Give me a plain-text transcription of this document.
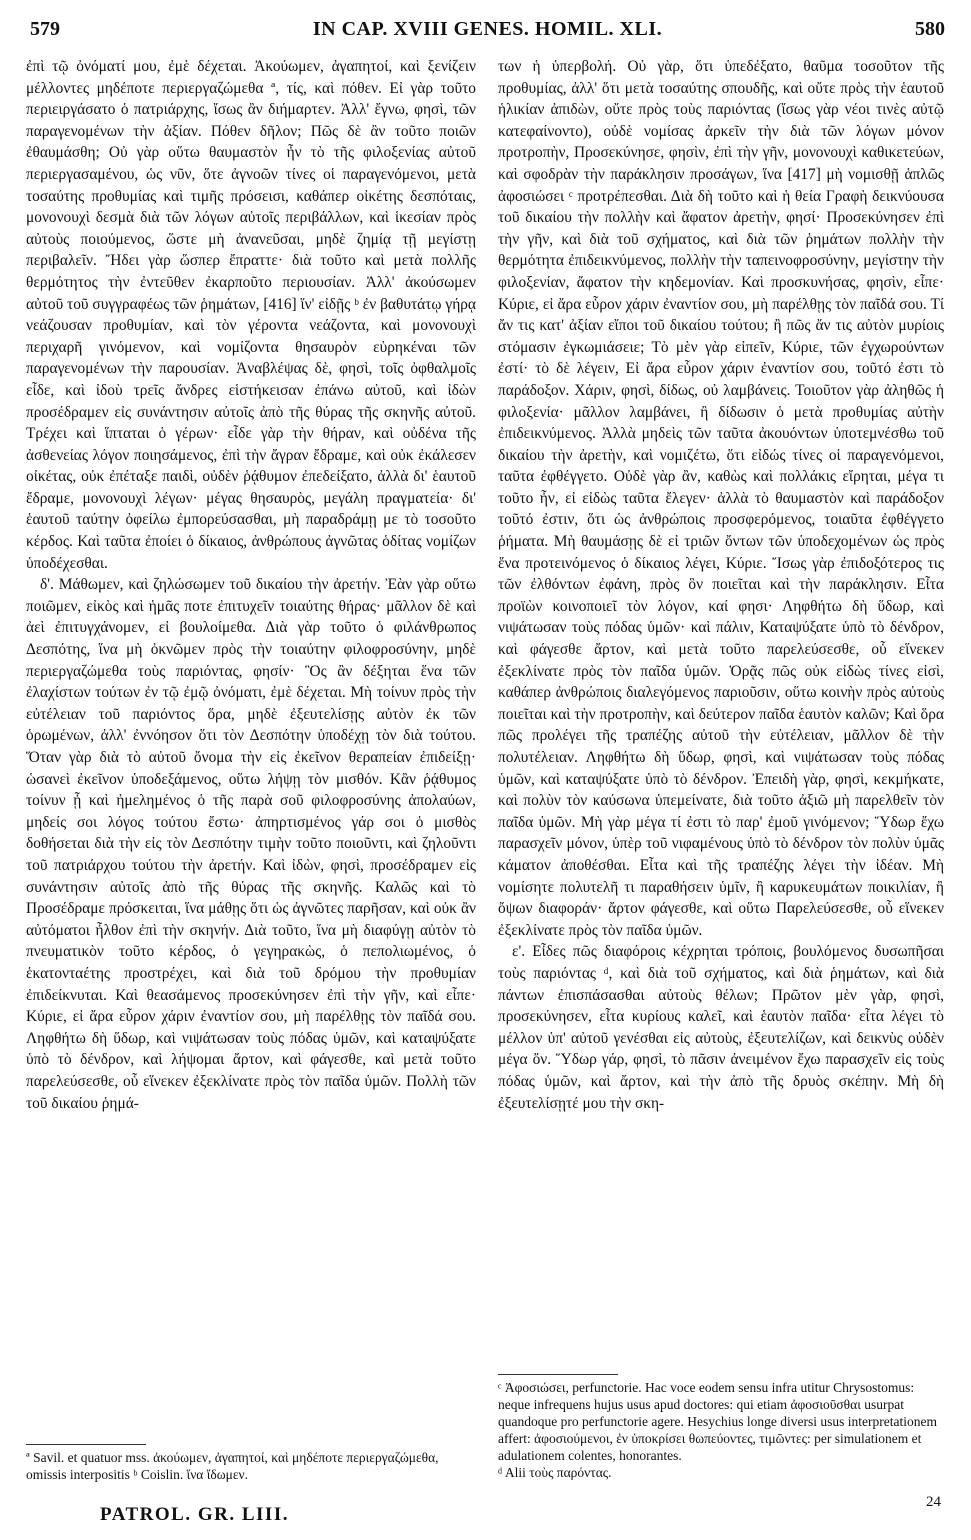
579	IN CAP. XVIII GENES. HOMIL. XLI.	580

ἐπὶ τῷ ὀνόματί μου, ἐμὲ δέχεται. Ἀκούωμεν, ἀγαπητοί, καὶ ξενίζειν μέλλοντες μηδέποτε περιεργαζώμεθα ª, τίς, καὶ πόθεν. Εἰ γὰρ τοῦτο περιειργάσατο ὁ πατριάρχης, ἴσως ἂν διήμαρτεν. Ἀλλ' ἔγνω, φησὶ, τῶν παραγενομένων τὴν ἀξίαν. Πόθεν δῆλον; Πῶς δὲ ἂν τοῦτο ποιῶν ἐθαυμάσθη; Οὐ γὰρ οὕτω θαυμαστὸν ἦν τὸ τῆς φιλοξενίας αὐτοῦ περιεργασαμένου, ὡς νῦν, ὅτε ἀγνοῶν τίνες οἱ παραγενόμενοι, μετὰ τοσαύτης προθυμίας καὶ τιμῆς πρόσεισι, καθάπερ οἰκέτης δεσπόταις, μονονουχὶ δεσμὰ διὰ τῶν λόγων αὐτοῖς περιβάλλων, καὶ ἱκεσίαν πρὸς αὐτοὺς ποιούμενος, ὥστε μὴ ἀνανεῦσαι, μηδὲ ζημίᾳ τῇ μεγίστῃ περιβαλεῖν. Ἤδει γὰρ ὥσπερ ἔπραττε· διὰ τοῦτο καὶ μετὰ πολλῆς θερμότητος τὴν ἐντεῦθεν ἐκαρποῦτο περιουσίαν. Ἀλλ' ἀκούσωμεν αὐτοῦ τοῦ συγγραφέως τῶν ῥημάτων, [416] ἵν' εἰδῇς ᵇ ἐν βαθυτάτῳ γήρᾳ νεάζουσαν προθυμίαν, καὶ τὸν γέροντα νεάζοντα, καὶ μονονουχὶ περιχαρῆ γινόμενον, καὶ νομίζοντα θησαυρὸν εὑρηκέναι τῶν παραγενομένων τὴν παρουσίαν. Ἀναβλέψας δὲ, φησὶ, τοῖς ὀφθαλμοῖς εἶδε, καὶ ἰδοὺ τρεῖς ἄνδρες εἱστήκεισαν ἐπάνω αὐτοῦ, καὶ ἰδὼν προσέδραμεν εἰς συνάντησιν αὐτοῖς ἀπὸ τῆς θύρας τῆς σκηνῆς αὐτοῦ. Τρέχει καὶ ἵπταται ὁ γέρων· εἶδε γὰρ τὴν θήραν, καὶ οὐδένα τῆς ἀσθενείας λόγον ποιησάμενος, ἐπὶ τὴν ἄγραν ἔδραμε, καὶ οὐκ ἐκάλεσεν οἰκέτας, οὐκ ἐπέταξε παιδὶ, οὐδὲν ῥᾴθυμον ἐπεδείξατο, ἀλλὰ δι' ἑαυτοῦ ἔδραμε, μονονουχὶ λέγων· μέγας θησαυρὸς, μεγάλη πραγματεία· δι' ἑαυτοῦ ταύτην ὀφείλω ἐμπορεύσασθαι, μὴ παραδράμῃ με τὸ τοσοῦτο κέρδος. Καὶ ταῦτα ἐποίει ὁ δίκαιος, ἀνθρώπους ἀγνῶτας ὁδίτας νομίζων ὑποδέχεσθαι.

δ'. Μάθωμεν, καὶ ζηλώσωμεν τοῦ δικαίου τὴν ἀρετήν. Ἐὰν γὰρ οὕτω ποιῶμεν, εἰκὸς καὶ ἡμᾶς ποτε ἐπιτυχεῖν τοιαύτης θήρας· μᾶλλον δὲ καὶ ἀεὶ ἐπιτυγχάνομεν, εἰ βουλοίμεθα. Διὰ γὰρ τοῦτο ὁ φιλάνθρωπος Δεσπότης, ἵνα μὴ ὀκνῶμεν πρὸς τὴν τοιαύτην φιλοφροσύνην, μηδὲ περιεργαζώμεθα τοὺς παριόντας, φησίν· Ὃς ἂν δέξηται ἕνα τῶν ἐλαχίστων τούτων ἐν τῷ ἐμῷ ὀνόματι, ἐμὲ δέχεται. Μὴ τοίνυν πρὸς τὴν εὐτέλειαν τοῦ παριόντος ὅρα, μηδὲ ἐξευτελίσῃς αὐτὸν ἐκ τῶν ὁρωμένων, ἀλλ' ἐννόησον ὅτι τὸν Δεσπότην ὑποδέχῃ τὸν διὰ τούτου. Ὅταν γὰρ διὰ τὸ αὐτοῦ ὄνομα τὴν εἰς ἐκεῖνον θεραπείαν ἐπιδείξῃ· ὡσανεὶ ἐκεῖνον ὑποδεξάμενος, οὕτω λήψῃ τὸν μισθόν. Κἂν ῥᾴθυμος τοίνυν ᾖ καὶ ἠμελημένος ὁ τῆς παρὰ σοῦ φιλοφροσύνης ἀπολαύων, μηδείς σοι λόγος τούτου ἔστω· ἀπηρτισμένος γάρ σοι ὁ μισθὸς δοθήσεται διὰ τὴν εἰς τὸν Δεσπότην τιμὴν τοῦτο ποιοῦντι, καὶ ζηλοῦντι τοῦ πατριάρχου τούτου τὴν ἀρετήν. Καὶ ἰδὼν, φησὶ, προσέδραμεν εἰς συνάντησιν αὐτοῖς ἀπὸ τῆς θύρας τῆς σκηνῆς. Καλῶς καὶ τὸ Προσέδραμε πρόσκειται, ἵνα μάθῃς ὅτι ὡς ἀγνῶτες παρῆσαν, καὶ οὐκ ἂν αὐτόματοι ἦλθον ἐπὶ τὴν σκηνήν. Διὰ τοῦτο, ἵνα μὴ διαφύγῃ αὐτὸν τὸ πνευματικὸν τοῦτο κέρδος, ὁ γεγηρακὼς, ὁ πεπολιωμένος, ὁ ἑκατονταέτης προστρέχει, καὶ διὰ τοῦ δρόμου τὴν προθυμίαν ἐπιδείκνυται. Καὶ θεασάμενος προσεκύνησεν ἐπὶ τὴν γῆν, καὶ εἶπε· Κύριε, εἰ ἄρα εὗρον χάριν ἐναντίον σου, μὴ παρέλθῃς τὸν παῖδά σου. Ληφθήτω δὴ ὕδωρ, καὶ νιψάτωσαν τοὺς πόδας ὑμῶν, καὶ καταψύξατε ὑπὸ τὸ δένδρον, καὶ λήψομαι ἄρτον, καὶ φάγεσθε, καὶ μετὰ τοῦτο παρελεύσεσθε, οὗ εἵνεκεν ἐξεκλίνατε πρὸς τὸν παῖδα ὑμῶν. Πολλὴ τῶν τοῦ δικαίου ῥημά-

των ἡ ὑπερβολή. Οὐ γὰρ, ὅτι ὑπεδέξατο, θαῦμα τοσοῦτον τῆς προθυμίας, ἀλλ' ὅτι μετὰ τοσαύτης σπουδῆς, καὶ οὔτε πρὸς τὴν ἑαυτοῦ ἡλικίαν ἀπιδὼν, οὔτε πρὸς τοὺς παριόντας (ἴσως γὰρ νέοι τινὲς αὐτῷ κατεφαίνοντο), οὐδὲ νομίσας ἀρκεῖν τὴν διὰ τῶν λόγων μόνον προτροπὴν, Προσεκύνησε, φησὶν, ἐπὶ τὴν γῆν, μονονουχὶ καθικετεύων, καὶ σφοδρὰν τὴν παράκλησιν προσάγων, ἵνα [417] μὴ νομισθῇ ἁπλῶς ἀφοσιώσει ᶜ προτρέπεσθαι. Διὰ δὴ τοῦτο καὶ ἡ θεία Γραφὴ δεικνύουσα τοῦ δικαίου τὴν πολλὴν καὶ ἄφατον ἀρετὴν, φησί· Προσεκύνησεν ἐπὶ τὴν γῆν, καὶ διὰ τοῦ σχήματος, καὶ διὰ τῶν ῥημάτων πολλὴν τὴν θερμότητα ἐπιδεικνύμενος, πολλὴν τὴν ταπεινοφροσύνην, μεγίστην τὴν φιλοξενίαν, ἄφατον τὴν κηδεμονίαν. Καὶ προσκυνήσας, φησὶν, εἶπε· Κύριε, εἰ ἄρα εὗρον χάριν ἐναντίον σου, μὴ παρέλθῃς τὸν παῖδά σου. Τί ἄν τις κατ' ἀξίαν εἴποι τοῦ δικαίου τούτου; ἢ πῶς ἄν τις αὐτὸν μυρίοις στόμασιν ἐγκωμιάσειε; Τὸ μὲν γὰρ εἰπεῖν, Κύριε, τῶν ἐγχωρούντων ἐστί· τὸ δὲ λέγειν, Εἰ ἄρα εὗρον χάριν ἐναντίον σου, τοῦτό ἐστι τὸ παράδοξον. Χάριν, φησὶ, δίδως, οὐ λαμβάνεις. Τοιοῦτον γὰρ ἀληθῶς ἡ φιλοξενία· μᾶλλον λαμβάνει, ἢ δίδωσιν ὁ μετὰ προθυμίας αὐτὴν ἐπιδεικνύμενος. Ἀλλὰ μηδεὶς τῶν ταῦτα ἀκουόντων ὑποτεμνέσθω τοῦ δικαίου τὴν ἀρετὴν, καὶ νομιζέτω, ὅτι εἰδώς τίνες οἱ παραγενόμενοι, ταῦτα ἐφθέγγετο. Οὐδὲ γὰρ ἂν, καθὼς καὶ πολλάκις εἴρηται, μέγα τι τοῦτο ἦν, εἰ εἰδὼς ταῦτα ἔλεγεν· ἀλλὰ τὸ θαυμαστὸν καὶ παράδοξον τοῦτό ἐστιν, ὅτι ὡς ἀνθρώποις προσφερόμενος, τοιαῦτα ἐφθέγγετο ῥήματα. Μὴ θαυμάσῃς δὲ εἰ τριῶν ὄντων τῶν ὑποδεχομένων ὡς πρὸς ἕνα προτεινόμενος ὁ δίκαιος λέγει, Κύριε. Ἴσως γὰρ ἐπιδοξότερος τις τῶν ἐλθόντων ἐφάνη, πρὸς ὃν ποιεῖται καὶ τὴν παράκλησιν. Εἶτα προϊὼν κοινοποιεῖ τὸν λόγον, καί φησι· Ληφθήτω δὴ ὕδωρ, καὶ νιψάτωσαν τοὺς πόδας ὑμῶν· καὶ πάλιν, Καταψύξατε ὑπὸ τὸ δένδρον, καὶ φάγεσθε ἄρτον, καὶ μετὰ τοῦτο παρελεύσεσθε, οὗ εἵνεκεν ἐξεκλίνατε πρὸς τὸν παῖδα ὑμῶν. Ὁρᾷς πῶς οὐκ εἰδὼς τίνες εἰσὶ, καθάπερ ἀνθρώποις διαλεγόμενος παριοῦσιν, οὕτω κοινὴν πρὸς αὐτοὺς ποιεῖται καὶ τὴν προτροπὴν, καὶ δεύτερον παῖδα ἑαυτὸν καλῶν; Καὶ ὅρα πῶς προλέγει τῆς τραπέζης αὐτοῦ τὴν εὐτέλειαν, μᾶλλον δὲ τὴν πολυτέλειαν. Ληφθήτω δὴ ὕδωρ, φησὶ, καὶ νιψάτωσαν τοὺς πόδας ὑμῶν, καὶ καταψύξατε ὑπὸ τὸ δένδρον. Ἐπειδὴ γὰρ, φησὶ, κεκμήκατε, καὶ πολὺν τὸν καύσωνα ὑπεμείνατε, διὰ τοῦτο ἀξιῶ μὴ παρελθεῖν τὸν παῖδα ὑμῶν. Μὴ γὰρ μέγα τί ἐστι τὸ παρ' ἐμοῦ γινόμενον; Ὕδωρ ἔχω παρασχεῖν μόνον, ὑπὲρ τοῦ νιφαμένους ὑπὸ τὸ δένδρον τὸν πολὺν ὑμᾶς κάματον ἀποθέσθαι. Εἶτα καὶ τῆς τραπέζης λέγει τὴν ἰδέαν. Μὴ νομίσητε πολυτελῆ τι παραθήσειν ὑμῖν, ἢ καρυκευμάτων ποικιλίαν, ἢ ὄψων διαφοράν· ἄρτον φάγεσθε, καὶ οὕτω Παρελεύσεσθε, οὗ εἵνεκεν ἐξεκλίνατε πρὸς τὸν παῖδα ὑμῶν.

ε'. Εἶδες πῶς διαφόροις κέχρηται τρόποις, βουλόμενος δυσωπῆσαι τοὺς παριόντας ᵈ, καὶ διὰ τοῦ σχήματος, καὶ διὰ ῥημάτων, καὶ διὰ πάντων ἐπισπάσασθαι αὐτοὺς θέλων; Πρῶτον μὲν γὰρ, φησὶ, προσεκύνησεν, εἶτα κυρίους καλεῖ, καὶ ἑαυτὸν παῖδα· εἶτα λέγει τὸ μέλλον ὑπ' αὐτοῦ γενέσθαι εἰς αὐτοὺς, ἐξευτελίζων, καὶ δεικνὺς οὐδὲν μέγα ὄν. Ὕδωρ γάρ, φησὶ, τὸ πᾶσιν ἀνειμένον ἔχω παρασχεῖν εἰς τοὺς πόδας ὑμῶν, καὶ ἄρτον, καὶ τὴν ἀπὸ τῆς δρυὸς σκέπην. Μὴ δὴ ἐξευτελίσῃτέ μου τὴν σκη-

ª Savil. et quatuor mss. ἀκούωμεν, ἀγαπητοί, καὶ μηδέποτε περιεργαζώμεθα, omissis interpositis ᵇ Coislin. ἵνα ἴδωμεν.
ᶜ Ἀφοσιώσει, perfunctorie. Hac voce eodem sensu infra utitur Chrysostomus: neque infrequens hujus usus apud doctores: qui etiam ἀφοσιοῦσθαι usurpat quandoque pro perfunctorie agere. Hesychius longe diversi usus interpretationem affert: ἀφοσιούμενοι, ἐν ὑποκρίσει θωπεύοντες, τιμῶντες: per simulationem et adulationem colentes, honorantes.
ᵈ Alii τοὺς παρόντας.
PATROL. GR. LIII.
24
